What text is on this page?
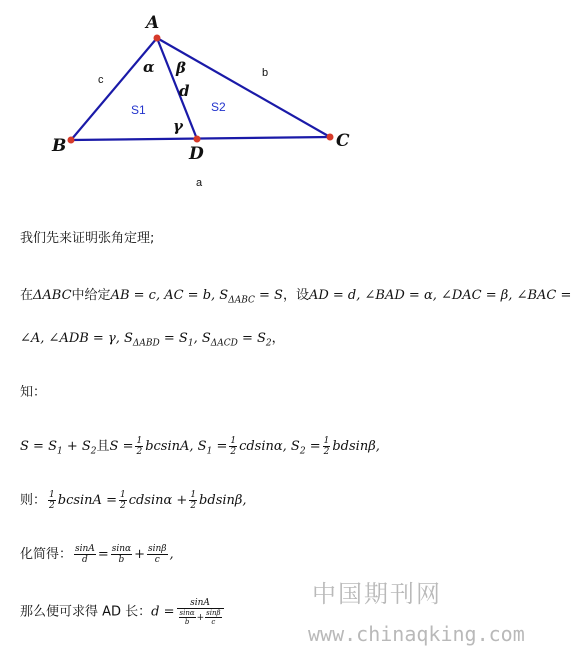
A
B	C
D
α β
γ
d
S1	S2
c
b
a
我们先来证明张角定理;
在ΔABC中给定AB = c, AC = b, $S_{\Delta ABC} = S$，设AD = d, ∠BAD = α, ∠DAC = β, ∠BAC =
∠A, ∠ADB = γ, $S_{\Delta ABD} = S_1$, $S_{\Delta ACD} = S_2$，
知：
$S = S_1 + S_2$且$S = \frac{1}{2} bcsinA$, $S_1 = \frac{1}{2} cdsin\alpha$, $S_2 = \frac{1}{2} bdsin\beta$,
则： $\frac{1}{2}$ $bcsinA = \frac{1}{2}$ $cdsin\alpha + \frac{1}{2} bdsin\beta$,
化简得： $\frac{\sin A}{d} = \frac{\sin\alpha}{b} + \frac{\sin\beta}{c}$ ,
那么便可求得 AD 长：$d = \frac{\sin A}{\frac{\sin\alpha}{b} + \frac{\sin\beta}{c}}$
中国期刊网
www.chinaqking.com
